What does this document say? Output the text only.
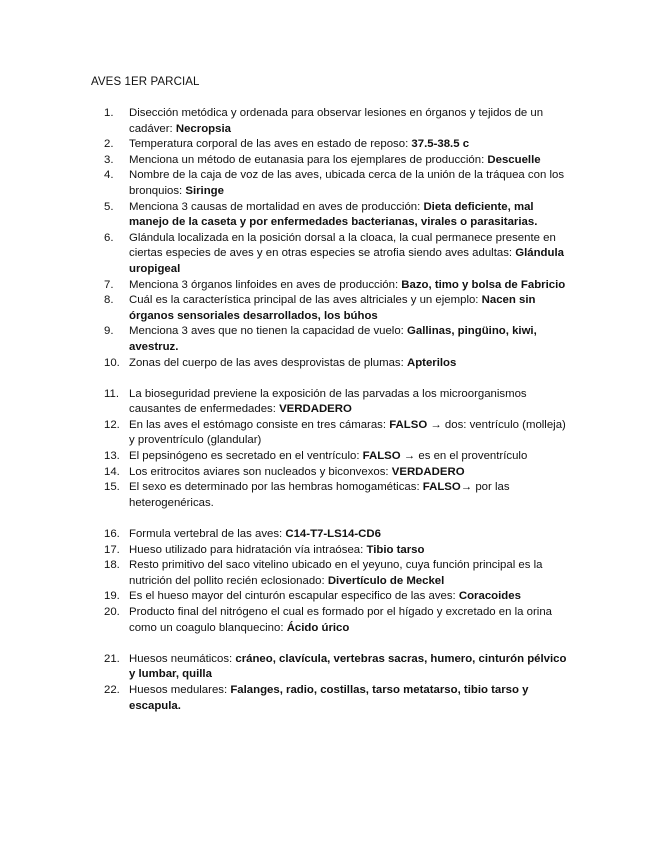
AVES 1ER PARCIAL
1.	Disección metódica y ordenada para observar lesiones en órganos y tejidos de un cadáver: Necropsia
2.	Temperatura corporal de las aves en estado de reposo: 37.5-38.5 c
3.	Menciona un método de eutanasia para los ejemplares de producción: Descuelle
4.	Nombre de la caja de voz de las aves, ubicada cerca de la unión de la tráquea con los bronquios: Siringe
5.	Menciona 3 causas de mortalidad en aves de producción: Dieta deficiente, mal manejo de la caseta y por enfermedades bacterianas, virales o parasitarias.
6.	Glándula localizada en la posición dorsal a la cloaca, la cual permanece presente en ciertas especies de aves y en otras especies se atrofia siendo aves adultas: Glándula uropigeal
7.	Menciona 3 órganos linfoides en aves de producción: Bazo, timo y bolsa de Fabricio
8.	Cuál es la característica principal de las aves altriciales y un ejemplo: Nacen sin órganos sensoriales desarrollados, los búhos
9.	Menciona 3 aves que no tienen la capacidad de vuelo: Gallinas, pingüino, kiwi, avestruz.
10. Zonas del cuerpo de las aves desprovistas de plumas: Apterilos
11. La bioseguridad previene la exposición de las parvadas a los microorganismos causantes de enfermedades: VERDADERO
12. En las aves el estómago consiste en tres cámaras: FALSO → dos: ventrículo (molleja) y proventrículo (glandular)
13. El pepsinógeno es secretado en el ventrículo: FALSO → es en el proventrículo
14. Los eritrocitos aviares son nucleados y biconvexos: VERDADERO
15. El sexo es determinado por las hembras homogaméticas: FALSO→ por las heterogenéricas.
16. Formula vertebral de las aves: C14-T7-LS14-CD6
17. Hueso utilizado para hidratación vía intraósea: Tibio tarso
18. Resto primitivo del saco vitelino ubicado en el yeyuno, cuya función principal es la nutrición del pollito recién eclosionado: Divertículo de Meckel
19. Es el hueso mayor del cinturón escapular especifico de las aves: Coracoides
20. Producto final del nitrógeno el cual es formado por el hígado y excretado en la orina como un coagulo blanquecino: Ácido úrico
21. Huesos neumáticos: cráneo, clavícula, vertebras sacras, humero, cinturón pélvico y lumbar, quilla
22. Huesos medulares: Falanges, radio, costillas, tarso metatarso, tibio tarso y escapula.
